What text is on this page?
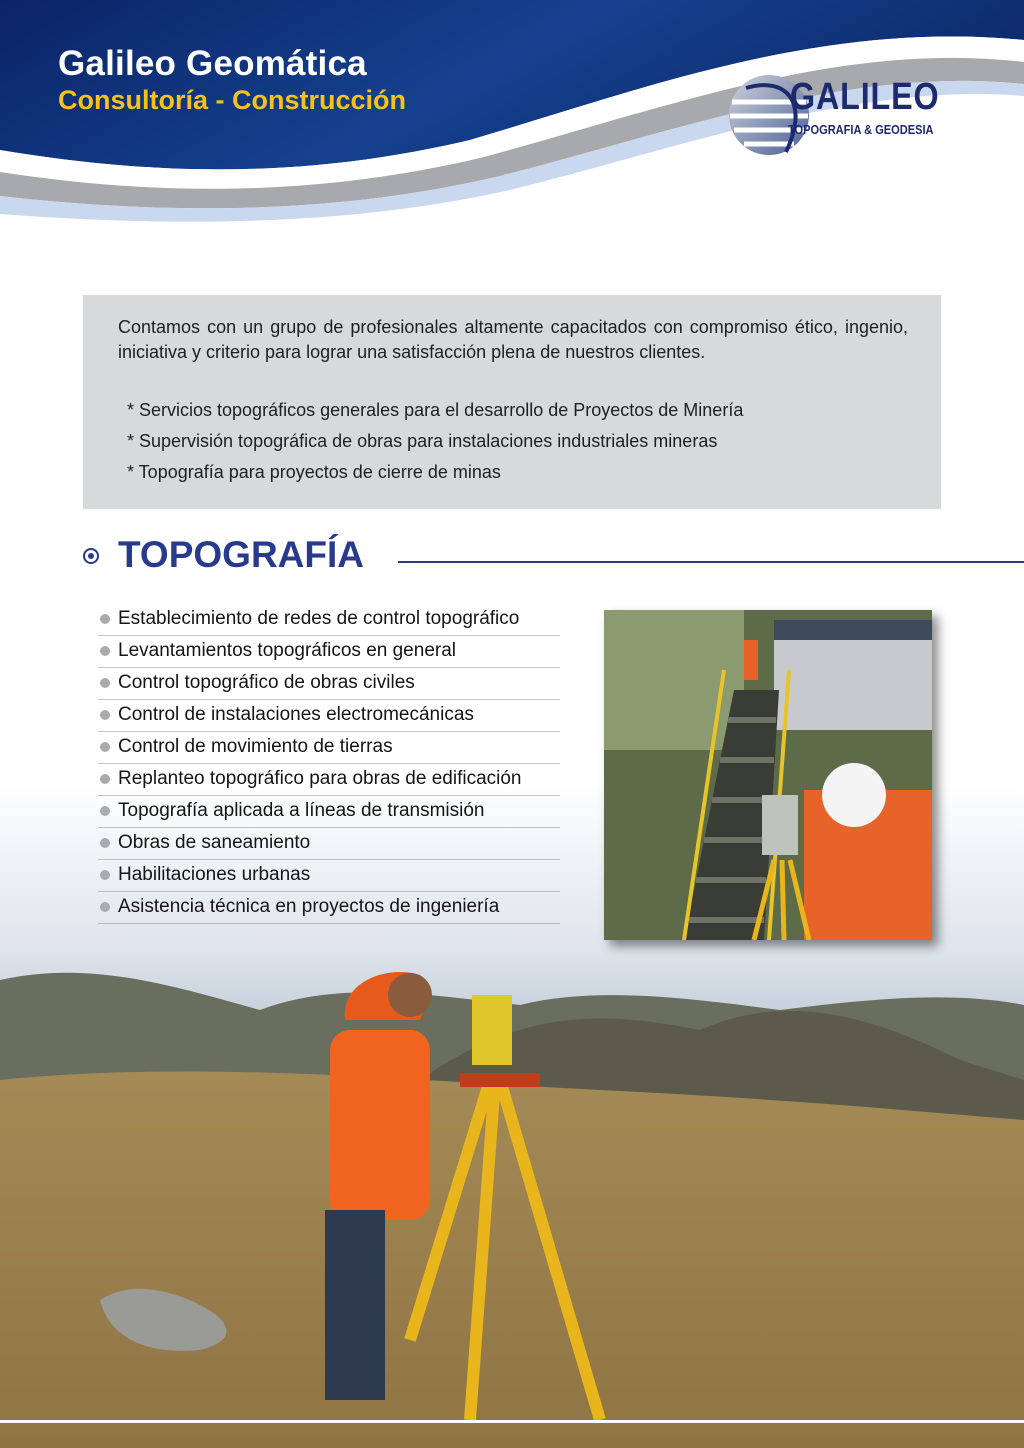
Galileo Geomática
Consultoría - Construcción	GALILEO
TOPOGRAFIA & GEODESIA

Contamos con un grupo de profesionales altamente capacitados con compromiso ético, ingenio, iniciativa y criterio para lograr una satisfacción plena de nuestros clientes.

* Servicios topográficos generales para el desarrollo de Proyectos de Minería
* Supervisión topográfica de obras para instalaciones industriales mineras
* Topografía para proyectos de cierre de minas
TOPOGRAFÍA
Establecimiento de redes de control topográfico
Levantamientos topográficos en general
Control topográfico de obras civiles
Control de instalaciones electromecánicas
Control de movimiento de tierras
Replanteo topográfico para obras de edificación
Topografía aplicada a líneas de transmisión
Obras de saneamiento
Habilitaciones urbanas
Asistencia técnica en proyectos de ingeniería
